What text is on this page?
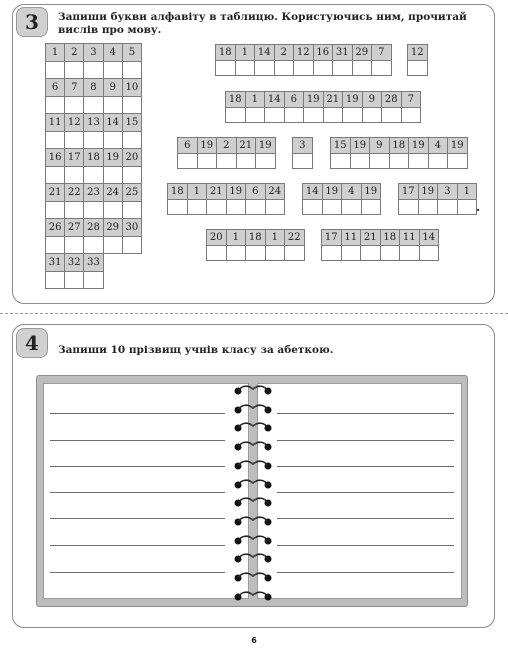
3	Запиши букви алфавіту в таблицю. Користуючись ним, прочитай вислів про мову.
1	2	3	4	5
6	7	8	9 10
11 12 13 14 15
16 17 18 19 20
21 22 23 24 25
26 27 28 29 30
31 32 33
18 1 14 2 12 16 31 29 7	12
18 1 14 6 19 21 19 9 28 7
6 19 2 21 19	3	15 19 9 18 19 4 19
18 1 21 19 6 24	14 19 4 19	17 19 3	1
20 1 18 1 22	17 11 21 18 11 14
.
4	Запиши 10 прізвищ учнів класу за абеткою.
6
